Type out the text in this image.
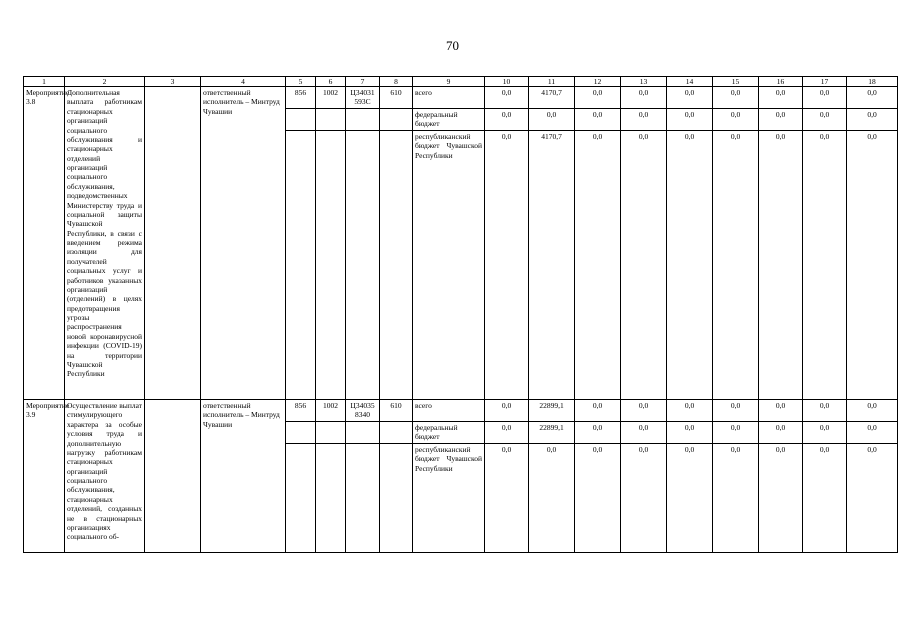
70
1	2	3	4	5	6	7	8	9	10	11	12	13	14	15	16	17	18
Мероприятие 3.8	Дополнительная выплата работникам стационарных организаций социального обслуживания и стационарных отделений организаций социального обслуживания, подведомственных Министерству труда и социальной защиты Чувашской Республики, в связи с введением режима изоляции для получателей социальных услуг и работников указанных организаций (отделений) в целях предотвращения угрозы распространения новой коронавирусной инфекции (COVID-19) на территории Чувашской Республики		ответственный исполнитель – Минтруд Чувашии	856	1002	Ц34031 593С	610	всего	0,0	4170,7	0,0	0,0	0,0	0,0	0,0	0,0	0,0
								федеральный бюджет	0,0	0,0	0,0	0,0	0,0	0,0	0,0	0,0	0,0
								республиканский бюджет Чувашской Республики	0,0	4170,7	0,0	0,0	0,0	0,0	0,0	0,0	0,0
Мероприятие 3.9	Осуществление выплат стимулирующего характера за особые условия труда и дополнительную нагрузку работникам стационарных организаций социального обслуживания, стационарных отделений, созданных не в стационарных организациях социального об-		ответственный исполнитель – Минтруд Чувашии	856	1002	Ц34035 8340	610	всего	0,0	22899,1	0,0	0,0	0,0	0,0	0,0	0,0	0,0
								федеральный бюджет	0,0	22899,1	0,0	0,0	0,0	0,0	0,0	0,0	0,0
								республиканский бюджет Чувашской Республики	0,0	0,0	0,0	0,0	0,0	0,0	0,0	0,0	0,0
